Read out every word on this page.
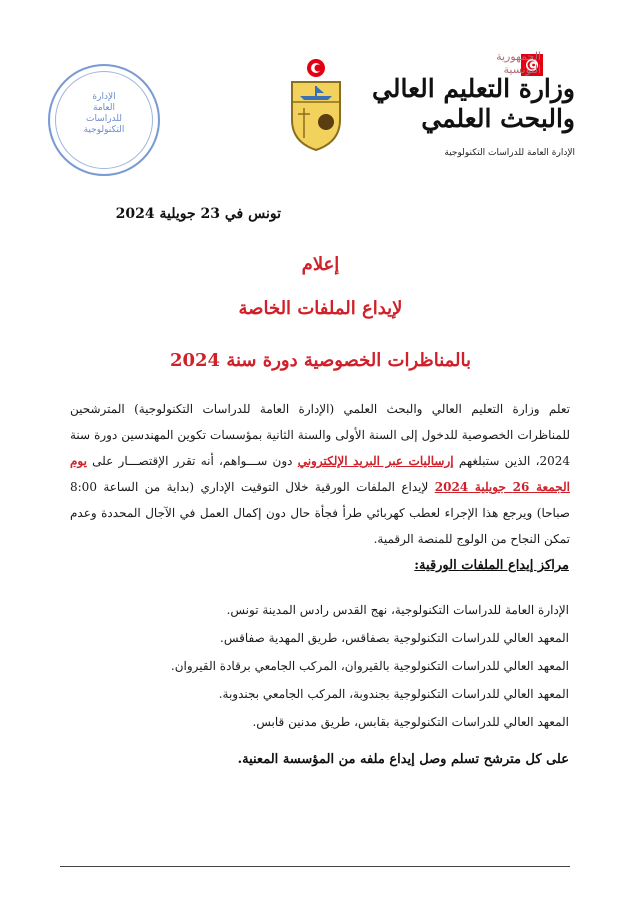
الإدارة
العامة
للدراسات
التكنولوجية
الجمهورية
التونسية
وزارة التعليم العالي
والبحث العلمي
الإدارة العامة للدراسات التكنولوجية
تونس في 23 جويلية 2024
إعلام
لإيداع الملفات الخاصة
بالمناظرات الخصوصية دورة سنة 2024
تعلم وزارة التعليم العالي والبحث العلمي (الإدارة العامة للدراسات التكنولوجية) المترشحين للمناظرات الخصوصية للدخول إلى السنة الأولى والسنة الثانية بمؤسسات تكوين المهندسين دورة سنة 2024، الذين ستبلغهم إرساليات عبر البريد الإلكتروني دون ســـواهم، أنه تقرر الإقتصـــار على يوم الجمعة 26 جويلية 2024 لإيداع الملفات الورقية خلال التوقيت الإداري (بداية من الساعة 8:00 صباحا) ويرجع هذا الإجراء لعطب كهربائي طرأ فجأة حال دون إكمال العمل في الآجال المحددة وعدم تمكن النجاح من الولوج للمنصة الرقمية.
مراكز إيداع الملفات الورقية:
الإدارة العامة للدراسات التكنولوجية، نهج القدس رادس المدينة تونس.
المعهد العالي للدراسات التكنولوجية بصفاقس، طريق المهدية صفاقس.
المعهد العالي للدراسات التكنولوجية بالقيروان، المركب الجامعي برقادة القيروان.
المعهد العالي للدراسات التكنولوجية بجندوبة، المركب الجامعي بجندوبة.
المعهد العالي للدراسات التكنولوجية بقابس، طريق مدنين قابس.
على كل مترشح تسلم وصل إيداع ملفه من المؤسسة المعنية.
